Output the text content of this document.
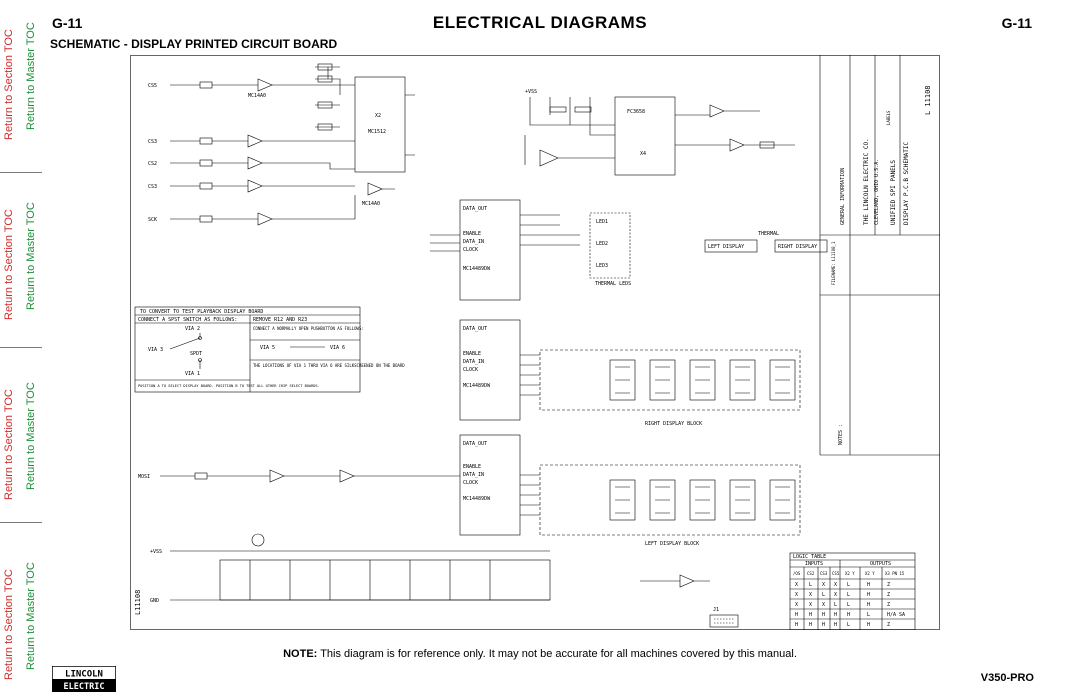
Return to Section TOC
Return to Section TOC
Return to Section TOC
Return to Section TOC
Return to Master TOC
Return to Master TOC
Return to Master TOC
Return to Master TOC
ELECTRICAL DIAGRAMS
G-11	G-11
SCHEMATIC - DISPLAY PRINTED CIRCUIT BOARD
L11108
CS5
CS3
CS2
CS3
SCK
MC14A0
MC14A0
X2
MC1512
+VSS
X4
FC3658
DATA_OUT
ENABLE
DATA_IN
CLOCK
MC14489DW
DATA_OUT
ENABLE
DATA_IN
CLOCK
MC14489DW
DATA_OUT
ENABLE
DATA_IN
CLOCK
MC14489DW
THERMAL LEDS
LED1
LED2
LED3
LEFT DISPLAY	RIGHT DISPLAY
THERMAL
RIGHT DISPLAY BLOCK
LEFT DISPLAY BLOCK
TO CONVERT TO TEST PLAYBACK DISPLAY BOARD
CONNECT A SPST SWITCH AS FOLLOWS:	REMOVE R12 AND R23
CONNECT A NORMALLY OPEN PUSHBUTTON AS FOLLOWS:
THE LOCATIONS OF VIA 1 THRU VIA 6 ARE SILKSCREENED ON THE BOARD
POSITION A TO SELECT DISPLAY BOARD. POSITION B TO TEST ALL OTHER CHIP SELECT BOARDS.
VIA 2
VIA 3
VIA 1
SPDT
VIA 5	VIA 6
MOSI
+VSS
GND
J1
LOGIC TABLE
INPUTS	OUTPUTS
/OS CS2 CS3 CS5 X2 Y	X2 Y	X3 PN 15
X L X X L	H	Z
X X L X L	H	Z
X X X L L	H	Z
H H H H H	L	H/A SA
H H H H L	H	Z
GENERAL INFORMATION	THE LINCOLN ELECTRIC CO. CLEVELAND, OHIO U.S.A. UNIFIED SPI PANELS DISPLAY P.C.B SCHEMATIC
L 11108
FILENAME: L11108_1
LABELS
NOTES :
NOTE: This diagram is for reference only. It may not be accurate for all machines covered by this manual.
LINCOLN
ELECTRIC
V350-PRO
